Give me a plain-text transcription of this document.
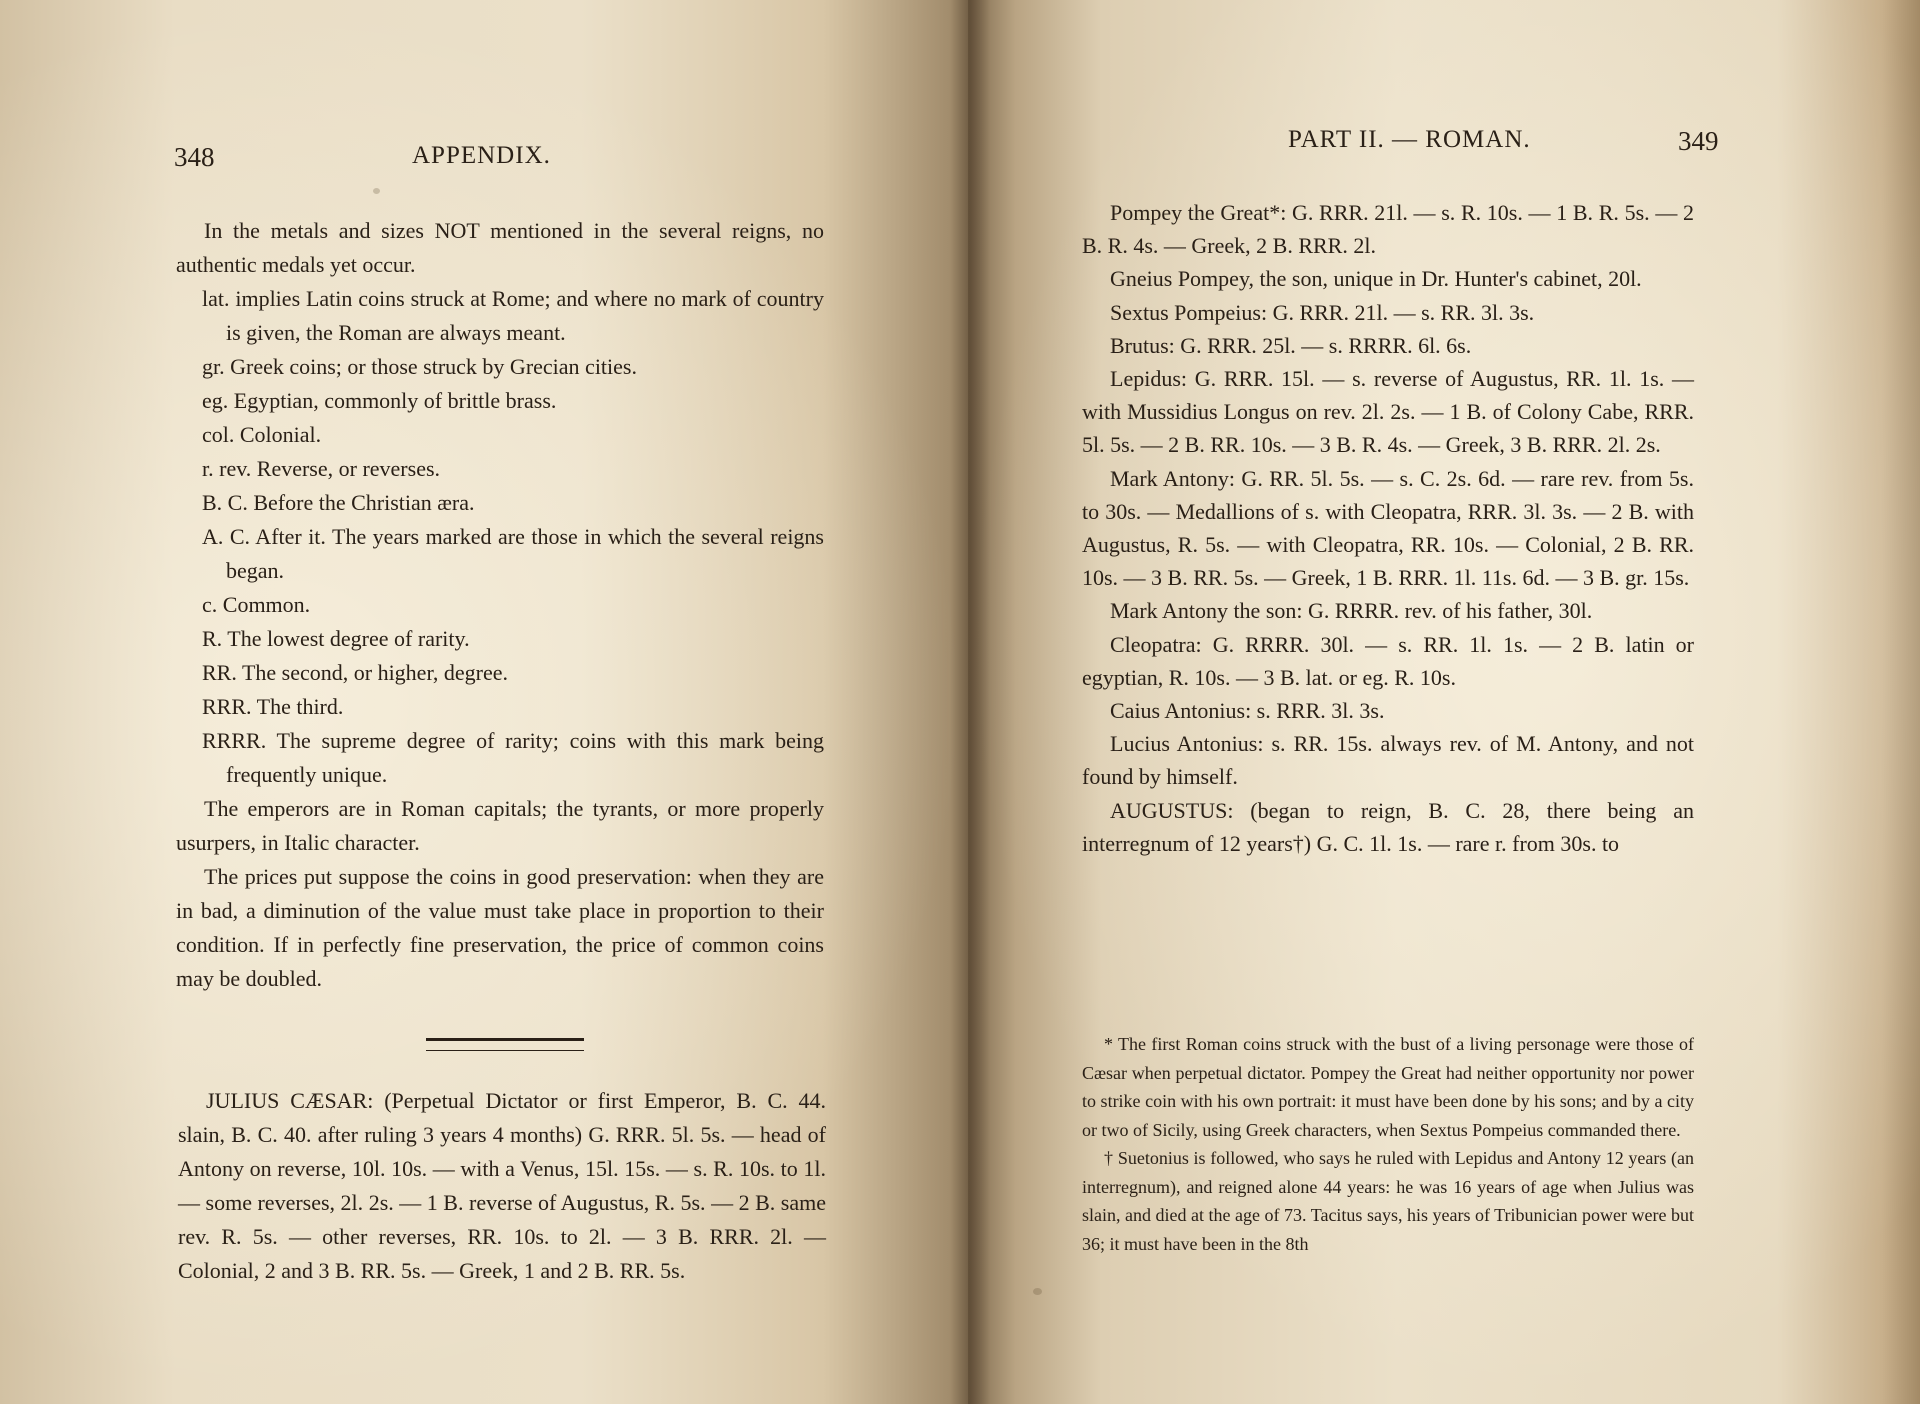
348	APPENDIX.

In the metals and sizes NOT mentioned in the several reigns, no authentic medals yet occur.

lat. implies Latin coins struck at Rome; and where no mark of country is given, the Roman are always meant.

gr. Greek coins; or those struck by Grecian cities.

eg. Egyptian, commonly of brittle brass.

col. Colonial.

r. rev. Reverse, or reverses.

B. C. Before the Christian æra.

A. C. After it. The years marked are those in which the several reigns began.

c. Common.

R. The lowest degree of rarity.

RR. The second, or higher, degree.

RRR. The third.

RRRR. The supreme degree of rarity; coins with this mark being frequently unique.

The emperors are in Roman capitals; the tyrants, or more properly usurpers, in Italic character.

The prices put suppose the coins in good preservation: when they are in bad, a diminution of the value must take place in proportion to their condition. If in perfectly fine preservation, the price of common coins may be doubled.

JULIUS CÆSAR: (Perpetual Dictator or first Emperor, B. C. 44. slain, B. C. 40. after ruling 3 years 4 months) G. RRR. 5l. 5s. — head of Antony on reverse, 10l. 10s. — with a Venus, 15l. 15s. — s. R. 10s. to 1l. — some reverses, 2l. 2s. — 1 B. reverse of Augustus, R. 5s. — 2 B. same rev. R. 5s. — other reverses, RR. 10s. to 2l. — 3 B. RRR. 2l. — Colonial, 2 and 3 B. RR. 5s. — Greek, 1 and 2 B. RR. 5s.

PART II. — ROMAN.	349

Pompey the Great*: G. RRR. 21l. — s. R. 10s. — 1 B. R. 5s. — 2 B. R. 4s. — Greek, 2 B. RRR. 2l.

Gneius Pompey, the son, unique in Dr. Hunter's cabinet, 20l.

Sextus Pompeius: G. RRR. 21l. — s. RR. 3l. 3s.

Brutus: G. RRR. 25l. — s. RRRR. 6l. 6s.

Lepidus: G. RRR. 15l. — s. reverse of Augustus, RR. 1l. 1s. — with Mussidius Longus on rev. 2l. 2s. — 1 B. of Colony Cabe, RRR. 5l. 5s. — 2 B. RR. 10s. — 3 B. R. 4s. — Greek, 3 B. RRR. 2l. 2s.

Mark Antony: G. RR. 5l. 5s. — s. C. 2s. 6d. — rare rev. from 5s. to 30s. — Medallions of s. with Cleopatra, RRR. 3l. 3s. — 2 B. with Augustus, R. 5s. — with Cleopatra, RR. 10s. — Colonial, 2 B. RR. 10s. — 3 B. RR. 5s. — Greek, 1 B. RRR. 1l. 11s. 6d. — 3 B. gr. 15s.

Mark Antony the son: G. RRRR. rev. of his father, 30l.

Cleopatra: G. RRRR. 30l. — s. RR. 1l. 1s. — 2 B. latin or egyptian, R. 10s. — 3 B. lat. or eg. R. 10s.

Caius Antonius: s. RRR. 3l. 3s.

Lucius Antonius: s. RR. 15s. always rev. of M. Antony, and not found by himself.

AUGUSTUS: (began to reign, B. C. 28, there being an interregnum of 12 years†) G. C. 1l. 1s. — rare r. from 30s. to

* The first Roman coins struck with the bust of a living personage were those of Cæsar when perpetual dictator. Pompey the Great had neither opportunity nor power to strike coin with his own portrait: it must have been done by his sons; and by a city or two of Sicily, using Greek characters, when Sextus Pompeius commanded there.

† Suetonius is followed, who says he ruled with Lepidus and Antony 12 years (an interregnum), and reigned alone 44 years: he was 16 years of age when Julius was slain, and died at the age of 73. Tacitus says, his years of Tribunician power were but 36; it must have been in the 8th
